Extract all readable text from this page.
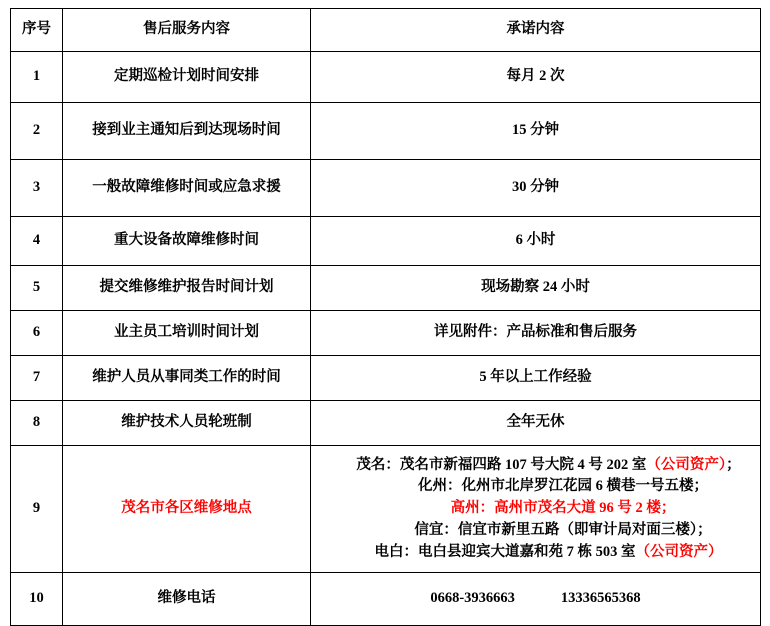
序号	售后服务内容	承诺内容
1	定期巡检计划时间安排	每月 2 次
2	接到业主通知后到达现场时间	15 分钟
3	一般故障维修时间或应急求援	30 分钟
4	重大设备故障维修时间	6 小时
5	提交维修维护报告时间计划	现场勘察 24 小时
6	业主员工培训时间计划	详见附件：产品标准和售后服务
7	维护人员从事同类工作的时间	5 年以上工作经验
8	维护技术人员轮班制	全年无休
9	茂名市各区维修地点	茂名：茂名市新福四路 107 号大院 4 号 202 室（公司资产）；
化州：化州市北岸罗江花园 6 横巷一号五楼；
高州：高州市茂名大道 96 号 2 楼；
信宜：信宜市新里五路（即审计局对面三楼）；
电白：电白县迎宾大道嘉和苑 7 栋 503 室（公司资产）

10	维修电话	0668-3936663 13336565368
